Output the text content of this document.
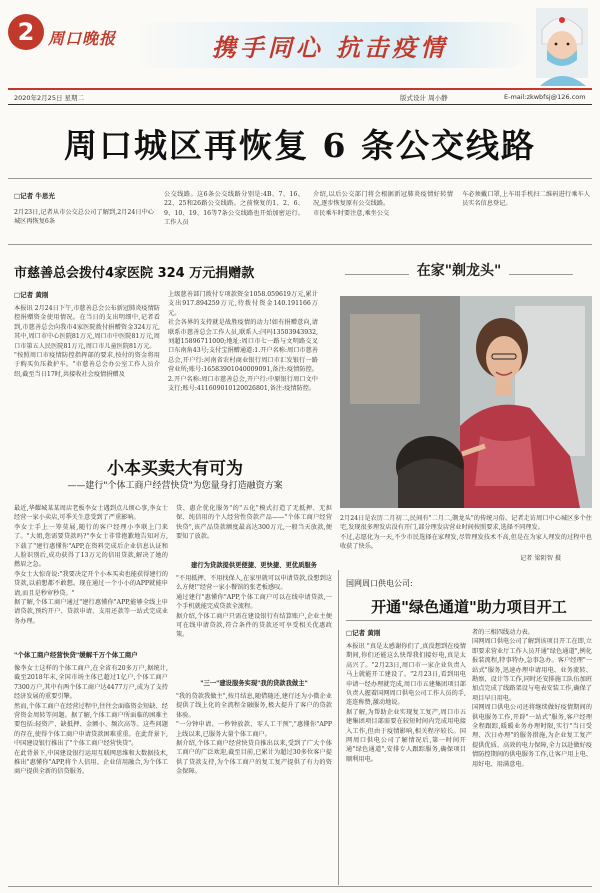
2 周口晚报	携手同心 抗击疫情
2020年2月25日 星期二	版式设计 周小静	E-mail:zkwbfsj@126.com
周口城区再恢复 6 条公交线路
□记者 牛思光
2月23日,记者从市公交总公司了解到,2月24日中心城区再恢复6条
公交线路。这6条公交线路分别是:4B、7、16、22、25和26路公交线路。之前恢复的1、2、6、9、10、19、16等7条公交线路也开始加密运行。工作人员
介绍,以后公交部门将会根据新冠肺炎疫情好转情况,逐步恢复原有公交线路。
市民乘车时要注意,乘坐公交
车必须戴口罩,上车用手机扫二维码进行乘车人员实名信息登记。
市慈善总会拨付4家医院 324 万元捐赠款
□记者 黄刚
本报讯 2月24日下午,市慈善总会公布新冠肺炎疫情防控捐赠资金使用情况。在当日的支出明细中,记者看到,市慈善总会向我市4家医院拨付捐赠资金324万元,其中,周口市中心医院81万元,周口市中医院81万元,周口市第五人民医院81万元,周口市儿童医院81万元。
"按照周口市疫情防控指挥部的要求,按付的资金将用于购买负压救护车。"市慈善总会办公室工作人员介绍,截至当日17时,共接收社会疫情捐赠及
上级慈善部门拨付专项款资金1058.059619万元,累计支出917.894259万元,待拨付资金140.191166万元。
社会各界的支持就是战胜疫情的动力!如有捐赠意向,请联系市慈善总会工作人员,联系人:闫玛13503943932,刘超15896711000;地址:周口市七一路与文明路交叉口东南角43号;支付宝捐赠通道:1.开户名称:周口市慈善总会,开户行:河南省农村商业银行周口市汇发银行一路营业所;账号:16583901040009091,备注:疫情防控。2.开户名称:周口市慈善总会,开户行:中原银行周口文中支行;账号:411609010120026801,备注:疫情防控。
在家"剃龙头"
2月24日是农历二月初二,民间有"二月二,剃龙头"的传统习俗。记者走访周口中心城区多个住宅,发现很多理发店没有开门,部分理发店营业时间按照要求,选择不同理发。
不过,志愿化为一天,不少市民选择在家理发,尽管理发技术不高,但是在为家人理发的过程中也收获了快乐。
记者 梁阴智 摄
小本买卖大有可为
——建行"个体工商户经营快贷"为您量身打造融资方案
最近,华耀城某某周店老板李女士遇到点儿烦心事,李女士经营一家小卖店,可季关生意受到了严重影响。
李女士手上一筹莫展,随行的客户经理小李联上门来了。"大姐,您需要贷款吗?"李女士非常抱歉地告知对方,下载了"建行惠懂你"APP,在资料完成后企业信息认证和人脸识别后,成功获得了13万元的信用贷款,解决了她的燃眉之急。
李女士大惊奇说:"我要决定开个小本买卖也能获得建行的贷款,以前想都不敢想。现在通过一个小小的APP就能申请,而且是秒审秒贷。"
据了解,个体工商户通过"建行惠懂你"APP,能够全线上申请贷款,预约开户、贷款申请、支用还款等一站式完成业务办理。
"个体工商户经营快贷"缓解千万个体工商户
像李女士这样的个体工商户,在全省有20多万户,据统计,截至2018年末,全国市场主体已超过1亿户,个体工商户7300万户,其中有两个体工商户达4477万户,成为了支持经济发展的重要引擎。
然而,个体工商户在经营过程中,往往会面临资金短缺、经营资金周转等问题。据了解,个体工商户所面临的困难主要包括:轻资产、缺抵押、金额小、频次高等。这些问题的存在,使得个体工商户申请贷款困难重重。在此背景下,中国建设银行推出了"个体工商户经营快贷"。
在此背景下,中国建设银行运用互联网思维和大数据技术,推出"惠懂你"APP,将个人信用、企业信用融合,为个体工商户提供全新的信贷服务。
贷、惠企优化服务"的"五化"模式打造了无抵押、无担保、纯信用的个人经营性贷款产品——"个体工商户经营快贷",该产品贷款额度最高达300万元,一般当天放款,便要知了放款。
建行为贷款提供更便捷、更快捷、更优质服务
"不用抵押、不用找保人,在家里就可以申请贷款,没想到这么方便!"经营一家小餐馆的张老板感叹。
通过建行"惠懂你"APP,个体工商户可以在线申请贷款,一个手机就能完成贷款全流程。
据介绍,个体工商户只需在建设银行有结算账户,企业主便可在线申请贷款,符合条件的贷款还可享受相关优惠政策。
"三一"建设服务实现"我的贷款我做主"
"我的贷款我做主",按月结息,随借随还,建行还为小微企业提供了线上化的全流程金融服务,极大提升了客户的贷款体验。
"一分钟申请、一秒钟放款、零人工干预","惠懂你"APP上线以来,已服务大量个体工商户。
据介绍,个体工商户经营快贷自推出以来,受到了广大个体工商户的广泛欢迎,截至目前,已累计为超过30多位客户提供了贷款支持,为个体工商户的复工复产提供了有力的资金保障。
国网周口供电公司:
开通"绿色通道"助力项目开工
□记者 黄刚
本报讯 "真是太感谢你们了,真没想到在疫情期间,你们还能这么快帮我们接好电,真是太高兴了。"2月23日,周口市一家企业负责人马上就能开工建设了。"2月23日,看到用电申请一经办理就完成,周口市五建集团项目部负责人握着国网周口供电公司工作人员的手,连连称赞,激动地说。
据了解,为帮助企业实现复工复产,周口市五建集团项目部需要在较短时间内完成用电接入工作,但由于疫情影响,相关程序较长。国网周口供电公司了解情况后,第一时间开通"绿色通道",安排专人跟踪服务,确保项目顺利用电。
者的三相四线动力表。
国网周口供电公司了解到该项目开工在即,立即要求营业厅工作人员开通"绿色通道",例化报装流程,特事特办,急事急办。客户经理"一站式"服务,迅速办理申请用电、业务流转、勘察、设计等工作,同时还安排施工队伍加班加点完成了线路架设与电表安装工作,确保了项目早日用电。
国网周口供电公司还将继续做好疫情期间的供电服务工作,开辟"一站式"服务,客户经理全程跟踪,暖暖业务办理时限,实行"当日受理、次日办理"的服务措施,为企业复工复产提供优质、高效的电力保障,全力以赴做好疫情防控期间的供电服务工作,让客户用上电、用好电、用满意电。
